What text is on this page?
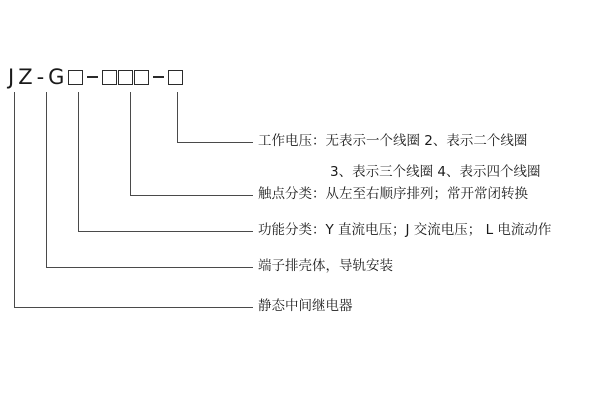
J Z - G
工作电压：无表示一个线圈 2、表示二个线圈
3、表示三个线圈 4、表示四个线圈
触点分类：从左至右顺序排列；常开常闭转换
功能分类：Y 直流电压；J 交流电压； L 电流动作
端子排壳体，导轨安装
静态中间继电器
